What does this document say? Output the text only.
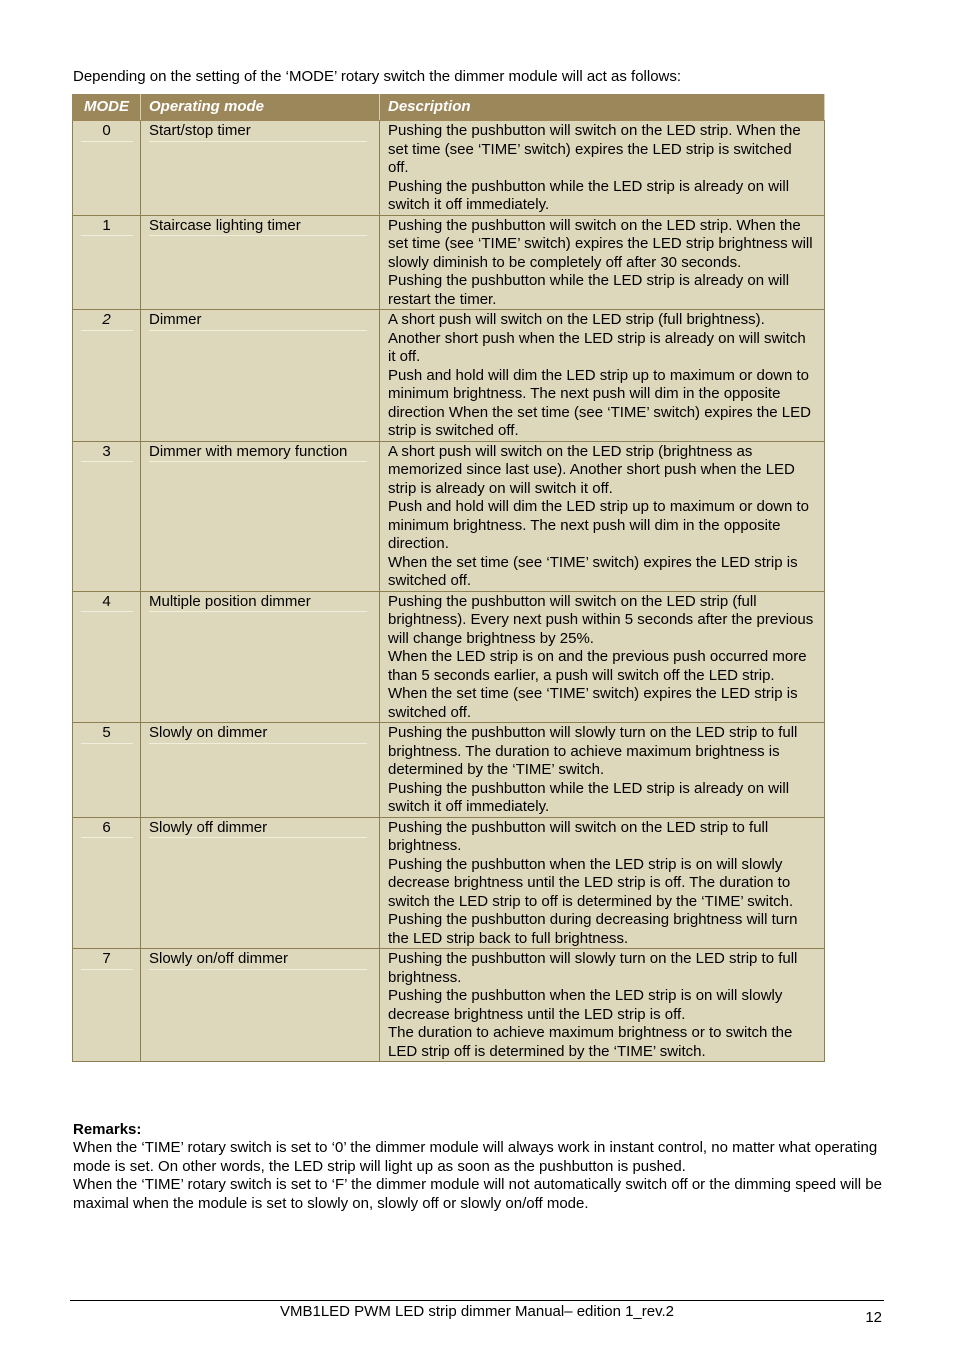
Depending on the setting of the ‘MODE’ rotary switch the dimmer module will act as follows:
MODE	Operating mode	Description
0	Start/stop timer	Pushing the pushbutton will switch on the LED strip. When the set time (see ‘TIME’ switch) expires the LED strip is switched off.

Pushing the pushbutton while the LED strip is already on will switch it off immediately.

1	Staircase lighting timer	Pushing the pushbutton will switch on the LED strip. When the set time (see ‘TIME’ switch) expires the LED strip brightness will slowly diminish to be completely off after 30 seconds.

Pushing the pushbutton while the LED strip is already on will restart the timer.

2	Dimmer	A short push will switch on the LED strip (full brightness). Another short push when the LED strip is already on will switch it off.

Push and hold will dim the LED strip up to maximum or down to minimum brightness. The next push will dim in the opposite direction When the set time (see ‘TIME’ switch) expires the LED strip is switched off.

3	Dimmer with memory function	A short push will switch on the LED strip (brightness as memorized since last use). Another short push when the LED strip is already on will switch it off.

Push and hold will dim the LED strip up to maximum or down to minimum brightness. The next push will dim in the opposite direction.

When the set time (see ‘TIME’ switch) expires the LED strip is switched off.

4	Multiple position dimmer	Pushing the pushbutton will switch on the LED strip (full brightness). Every next push within 5 seconds after the previous will change brightness by 25%.

When the LED strip is on and the previous push occurred more than 5 seconds earlier, a push will switch off the LED strip.

When the set time (see ‘TIME’ switch) expires the LED strip is switched off.

5	Slowly on dimmer	Pushing the pushbutton will slowly turn on the LED strip to full brightness. The duration to achieve maximum brightness is determined by the ‘TIME’ switch.

Pushing the pushbutton while the LED strip is already on will switch it off immediately.

6	Slowly off dimmer	Pushing the pushbutton will switch on the LED strip to full brightness.

Pushing the pushbutton when the LED strip is on will slowly decrease brightness until the LED strip is off. The duration to switch the LED strip to off is determined by the ‘TIME’ switch.

Pushing the pushbutton during decreasing brightness will turn the LED strip back to full brightness.

7	Slowly on/off dimmer	Pushing the pushbutton will slowly turn on the LED strip to full brightness.

Pushing the pushbutton when the LED strip is on will slowly decrease brightness until the LED strip is off.

The duration to achieve maximum brightness or to switch the LED strip off is determined by the ‘TIME’ switch.

Remarks:

When the ‘TIME’ rotary switch is set to ‘0’ the dimmer module will always work in instant control, no matter what operating mode is set. On other words, the LED strip will light up as soon as the pushbutton is pushed.

When the ‘TIME’ rotary switch is set to ‘F’ the dimmer module will not automatically switch off or the dimming speed will be maximal when the module is set to slowly on, slowly off or slowly on/off mode.

VMB1LED PWM LED strip dimmer Manual– edition 1_rev.2	12
